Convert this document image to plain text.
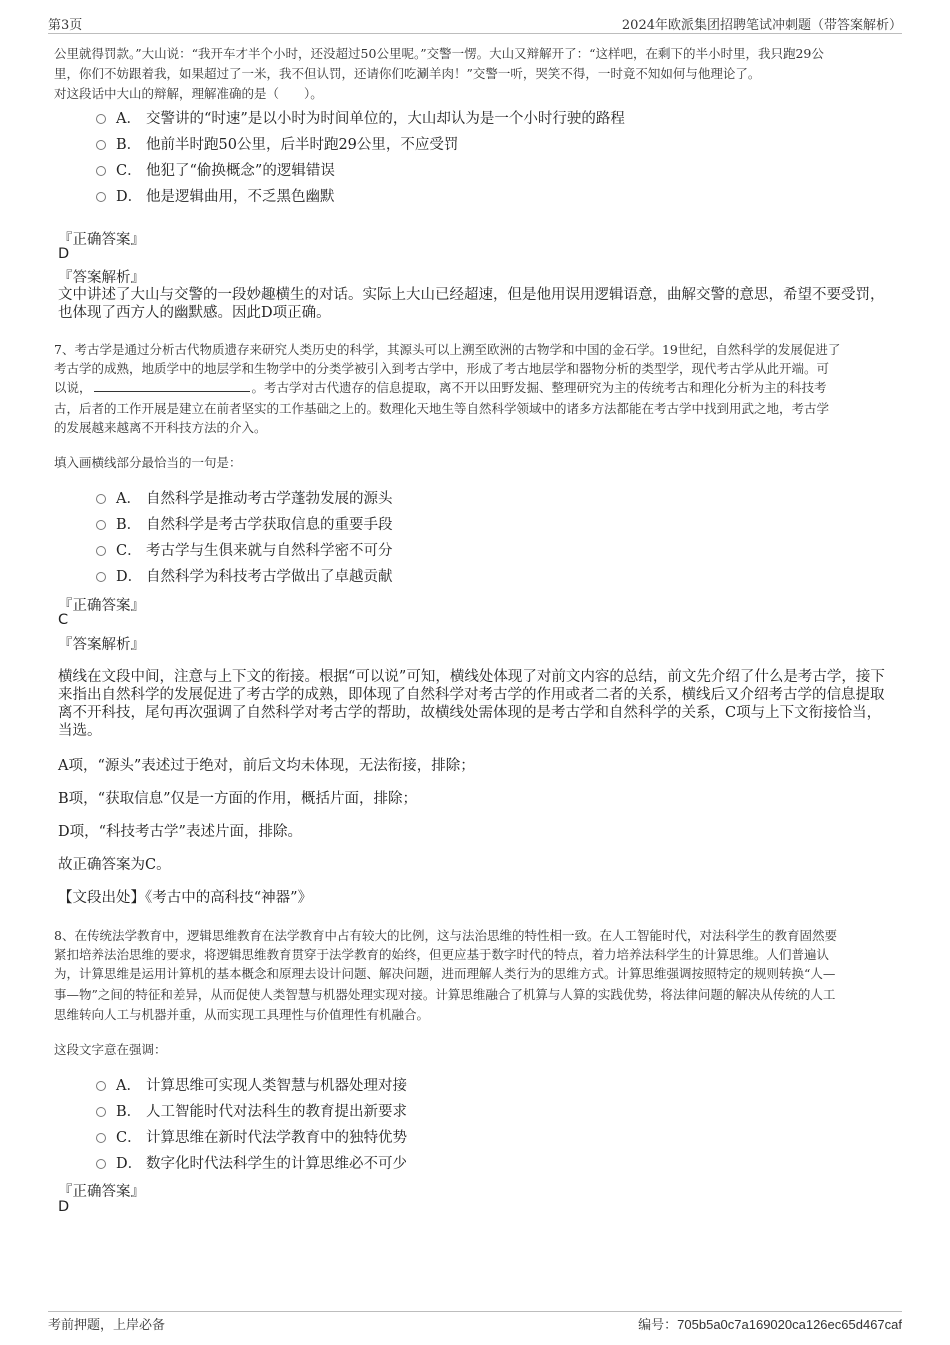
第3页	2024年欧派集团招聘笔试冲刺题（带答案解析）

公里就得罚款。”大山说：“我开车才半个小时，还没超过50公里呢。”交警一愣。大山又辩解开了：“这样吧，在剩下的半小时里，我只跑29公

里，你们不妨跟着我，如果超过了一米，我不但认罚，还请你们吃涮羊肉！”交警一听，哭笑不得，一时竟不知如何与他理论了。

对这段话中大山的辩解，理解准确的是（　　）。

A． 交警讲的“时速”是以小时为时间单位的，大山却认为是一个小时行驶的路程
B． 他前半时跑50公里，后半时跑29公里，不应受罚
C． 他犯了“偷换概念”的逻辑错误
D． 他是逻辑曲用，不乏黑色幽默
『正确答案』
D
『答案解析』

文中讲述了大山与交警的一段妙趣横生的对话。实际上大山已经超速，但是他用误用逻辑语意，曲解交警的意思，希望不要受罚，也体现了西方人的幽默感。因此D项正确。

7、考古学是通过分析古代物质遗存来研究人类历史的科学，其源头可以上溯至欧洲的古物学和中国的金石学。19世纪，自然科学的发展促进了

考古学的成熟，地质学中的地层学和生物学中的分类学被引入到考古学中，形成了考古地层学和器物分析的类型学，现代考古学从此开端。可

以说，	。考古学对古代遗存的信息提取，离不开以田野发掘、整理研究为主的传统考古和理化分析为主的科技考

古，后者的工作开展是建立在前者坚实的工作基础之上的。数理化天地生等自然科学领域中的诸多方法都能在考古学中找到用武之地，考古学

的发展越来越离不开科技方法的介入。

填入画横线部分最恰当的一句是：

A． 自然科学是推动考古学蓬勃发展的源头
B． 自然科学是考古学获取信息的重要手段
C． 考古学与生俱来就与自然科学密不可分
D． 自然科学为科技考古学做出了卓越贡献
『正确答案』
C
『答案解析』

横线在文段中间，注意与上下文的衔接。根据“可以说”可知，横线处体现了对前文内容的总结，前文先介绍了什么是考古学，接下来指出自然科学的发展促进了考古学的成熟，即体现了自然科学对考古学的作用或者二者的关系，横线后又介绍考古学的信息提取离不开科技，尾句再次强调了自然科学对考古学的帮助，故横线处需体现的是考古学和自然科学的关系，C项与上下文衔接恰当，当选。

A项，“源头”表述过于绝对，前后文均未体现，无法衔接，排除；

B项，“获取信息”仅是一方面的作用，概括片面，排除；

D项，“科技考古学”表述片面，排除。

故正确答案为C。

【文段出处】《考古中的高科技“神器”》

8、在传统法学教育中，逻辑思维教育在法学教育中占有较大的比例，这与法治思维的特性相一致。在人工智能时代，对法科学生的教育固然要

紧扣培养法治思维的要求，将逻辑思维教育贯穿于法学教育的始终，但更应基于数字时代的特点，着力培养法科学生的计算思维。人们普遍认

为，计算思维是运用计算机的基本概念和原理去设计问题、解决问题，进而理解人类行为的思维方式。计算思维强调按照特定的规则转换“人—

事—物”之间的特征和差异，从而促使人类智慧与机器处理实现对接。计算思维融合了机算与人算的实践优势，将法律问题的解决从传统的人工

思维转向人工与机器并重，从而实现工具理性与价值理性有机融合。

这段文字意在强调：

A． 计算思维可实现人类智慧与机器处理对接
B． 人工智能时代对法科生的教育提出新要求
C． 计算思维在新时代法学教育中的独特优势
D． 数字化时代法科学生的计算思维必不可少
『正确答案』
D
考前押题，上岸必备	编号：705b5a0c7a169020ca126ec65d467caf
